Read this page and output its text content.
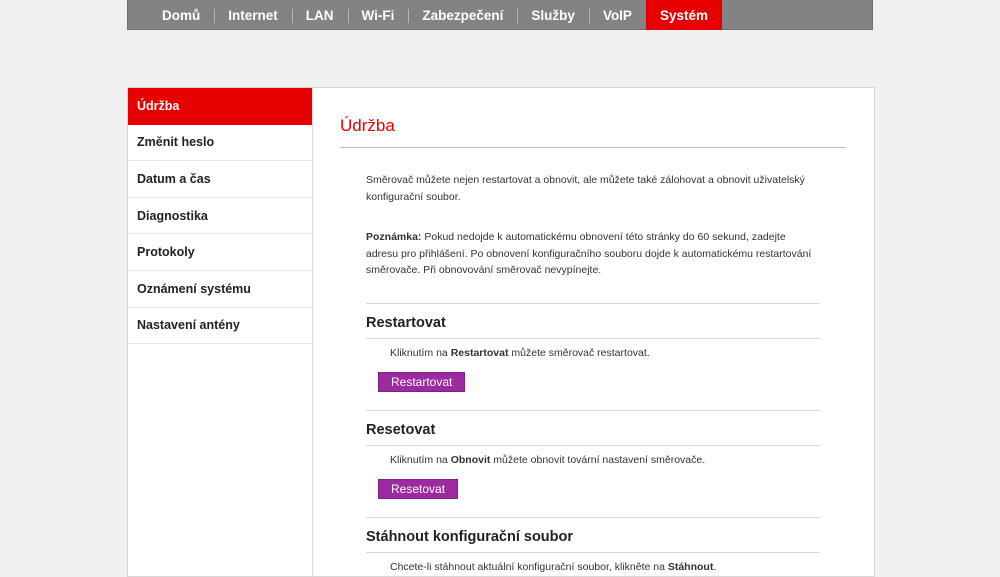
Domů	Internet	LAN	Wi-Fi	Zabezpečení	Služby	VoIP	Systém
Údržba
Změnit heslo
Datum a čas
Diagnostika
Protokoly
Oznámení systému
Nastavení antény
Údržba
Směrovač můžete nejen restartovat a obnovit, ale můžete také zálohovat a obnovit uživatelský konfigurační soubor.
Poznámka: Pokud nedojde k automatickému obnovení této stránky do 60 sekund, zadejte adresu pro přihlášení. Po obnovení konfiguračního souboru dojde k automatickému restartování směrovače. Při obnovování směrovač nevypínejte.
Restartovat
Kliknutím na Restartovat můžete směrovač restartovat.
Restartovat
Resetovat
Kliknutím na Obnovit můžete obnovit tovární nastavení směrovače.
Resetovat
Stáhnout konfigurační soubor
Chcete-li stáhnout aktuální konfigurační soubor, klikněte na Stáhnout.
